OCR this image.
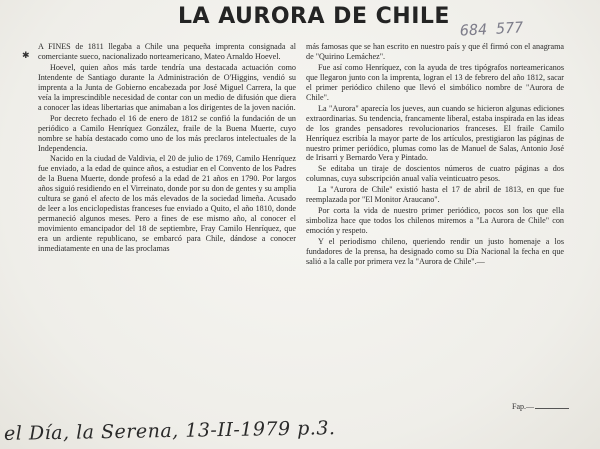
LA AURORA DE CHILE 684 577
✱

A FINES de 1811 llegaba a Chile una pequeña imprenta consignada al comerciante sueco, nacionalizado norteamericano, Mateo Arnaldo Hoevel.

Hoevel, quien años más tarde tendría una destacada actuación como Intendente de Santiago durante la Administración de O'Higgins, vendió su imprenta a la Junta de Gobierno encabezada por José Miguel Carrera, la que veía la imprescindible necesidad de contar con un medio de difusión que diera a conocer las ideas libertarias que animaban a los dirigentes de la joven nación.

Por decreto fechado el 16 de enero de 1812 se confió la fundación de un periódico a Camilo Henríquez González, fraile de la Buena Muerte, cuyo nombre se había destacado como uno de los más preclaros intelectuales de la Independencia.

Nacido en la ciudad de Valdivia, el 20 de julio de 1769, Camilo Henríquez fue enviado, a la edad de quince años, a estudiar en el Convento de los Padres de la Buena Muerte, donde profesó a la edad de 21 años en 1790. Por largos años siguió residiendo en el Virreinato, donde por su don de gentes y su amplia cultura se ganó el afecto de los más elevados de la sociedad limeña. Acusado de leer a los enciclopedistas franceses fue enviado a Quito, el año 1810, donde permaneció algunos meses. Pero a fines de ese mismo año, al conocer el movimiento emancipador del 18 de septiembre, Fray Camilo Henríquez, que era un ardiente republicano, se embarcó para Chile, dándose a conocer inmediatamente en una de las proclamas

más famosas que se han escrito en nuestro país y que él firmó con el anagrama de "Quirino Lemáchez".

Fue así como Henríquez, con la ayuda de tres tipógrafos norteamericanos que llegaron junto con la imprenta, logran el 13 de febrero del año 1812, sacar el primer periódico chileno que llevó el simbólico nombre de "Aurora de Chile".

La "Aurora" aparecía los jueves, aun cuando se hicieron algunas ediciones extraordinarias. Su tendencia, francamente liberal, estaba inspirada en las ideas de los grandes pensadores revolucionarios franceses. El fraile Camilo Henríquez escribía la mayor parte de los artículos, prestigiaron las páginas de nuestro primer periódico, plumas como las de Manuel de Salas, Antonio José de Irisarri y Bernardo Vera y Pintado.

Se editaba un tiraje de doscientos números de cuatro páginas a dos columnas, cuya subscripción anual valía veinticuatro pesos.

La "Aurora de Chile" existió hasta el 17 de abril de 1813, en que fue reemplazada por "El Monitor Araucano".

Por corta la vida de nuestro primer periódico, pocos son los que ella simboliza hace que todos los chilenos miremos a "La Aurora de Chile" con emoción y respeto.

Y el periodismo chileno, queriendo rendir un justo homenaje a los fundadores de la prensa, ha designado como su Día Nacional la fecha en que salió a la calle por primera vez la "Aurora de Chile".—

Fap.—
el Día, la Serena, 13-II-1979 p.3.
